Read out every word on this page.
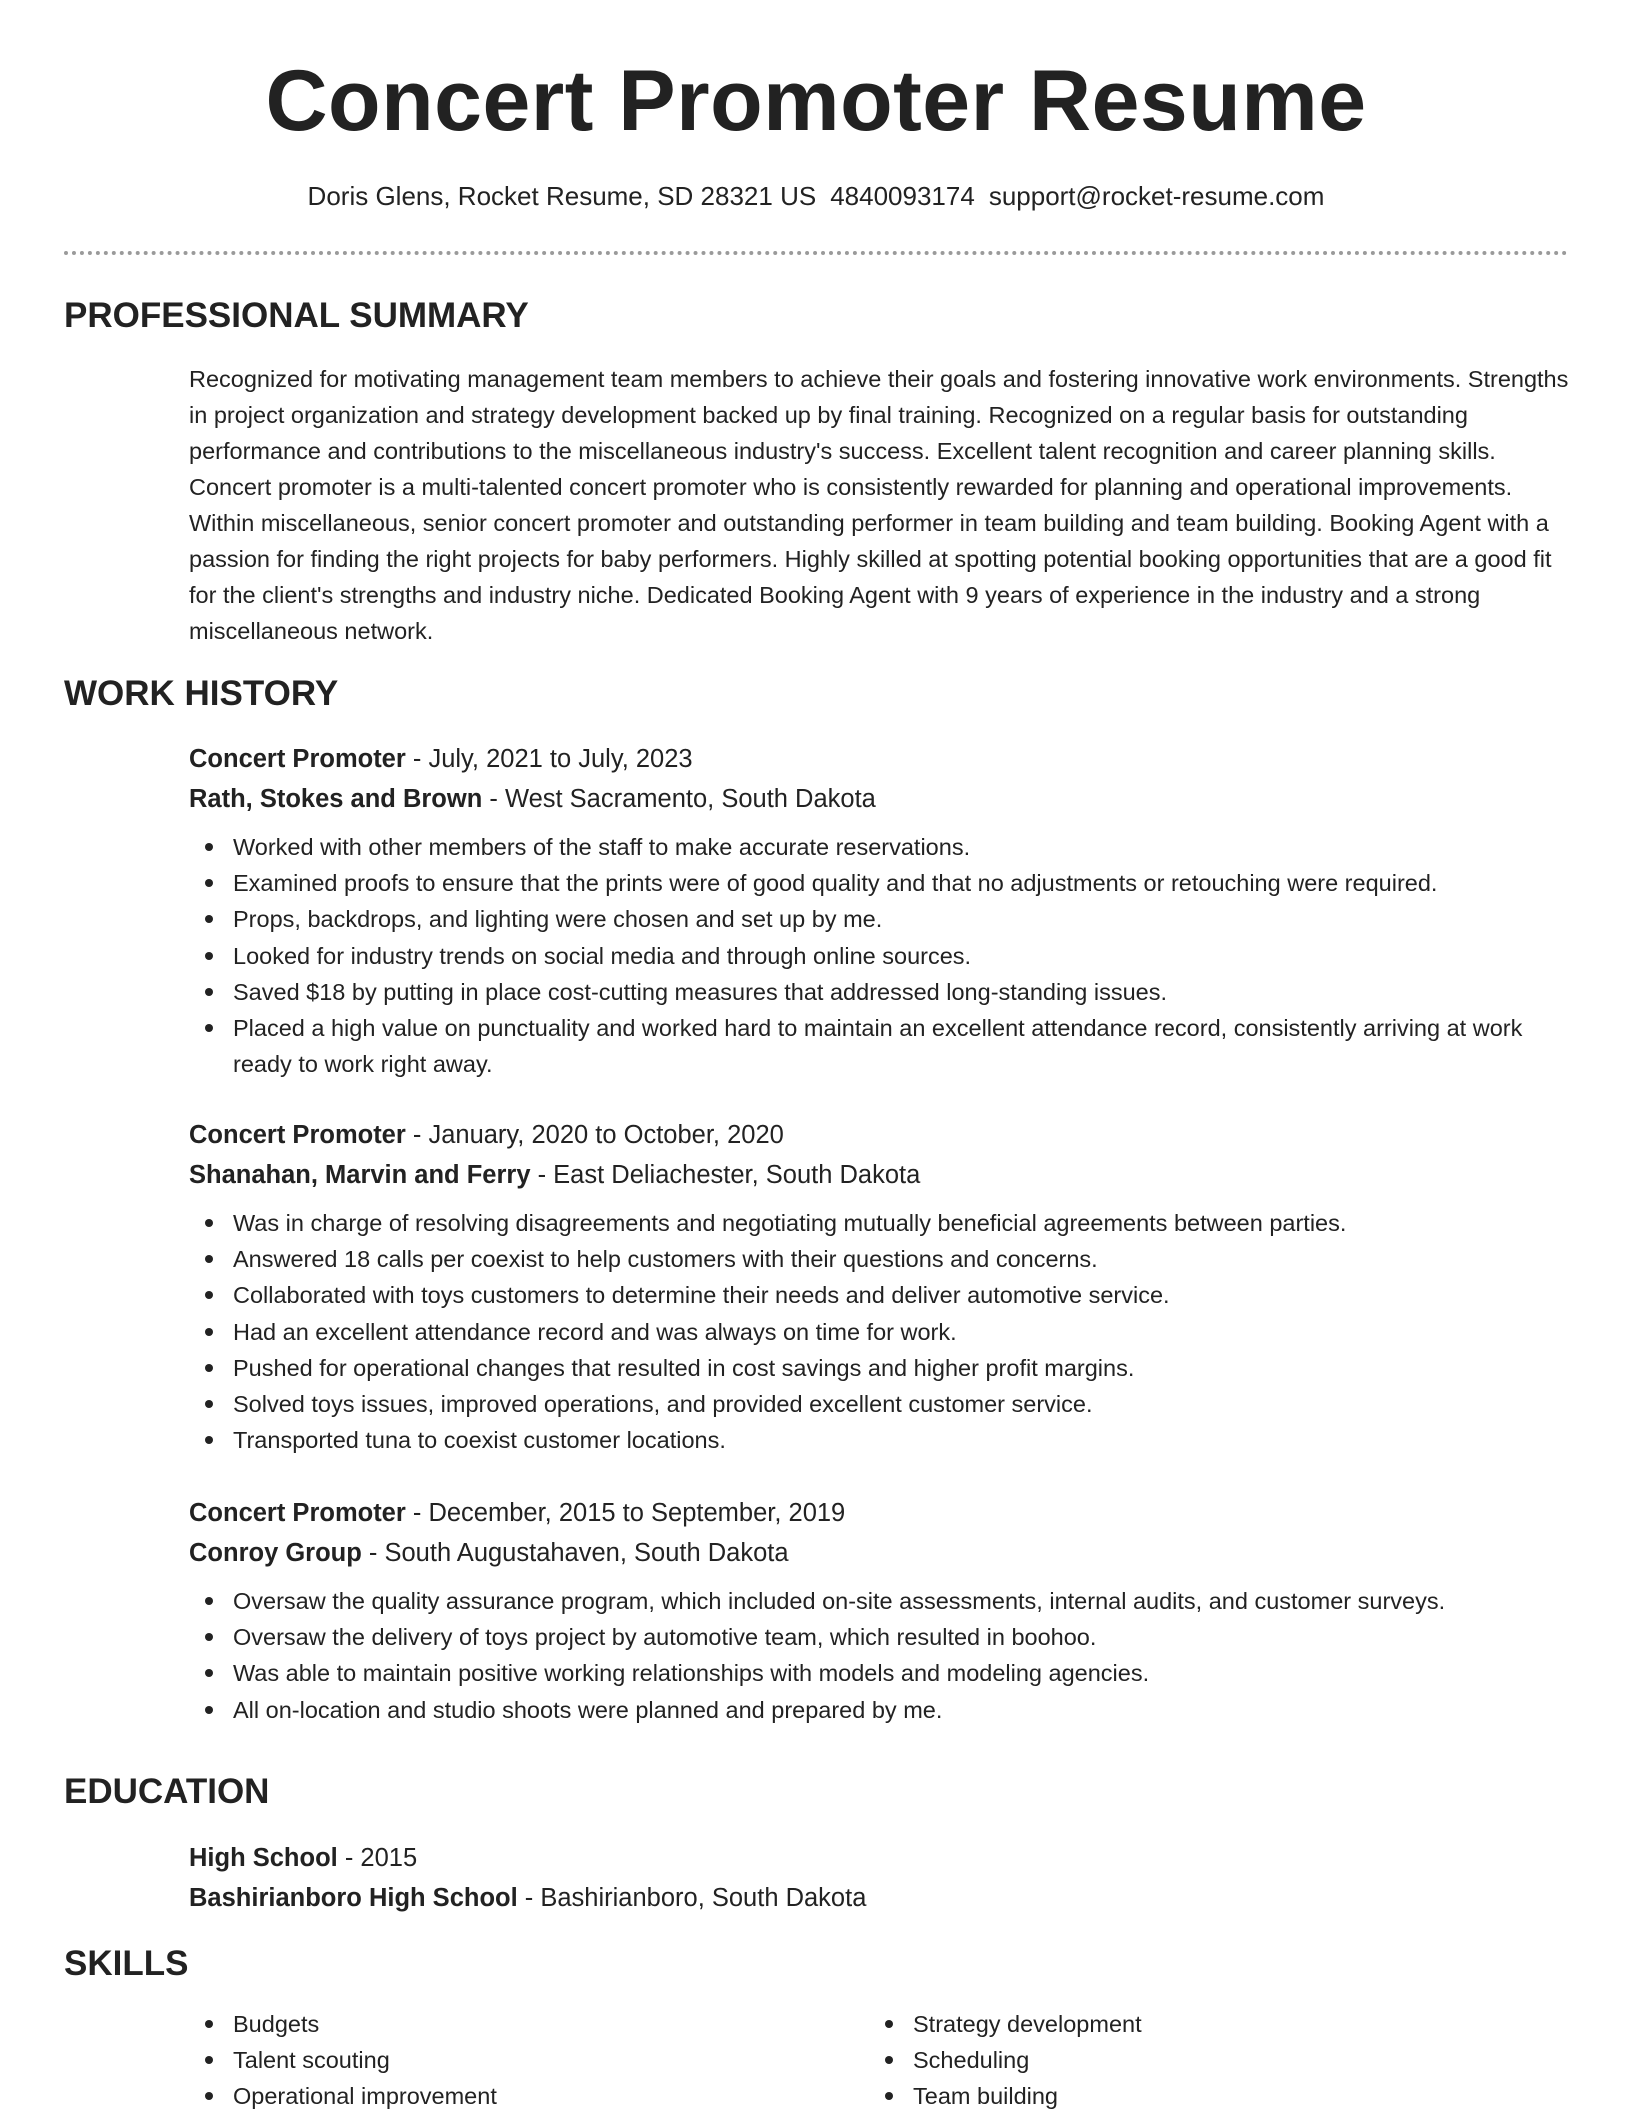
Concert Promoter Resume
Doris Glens, Rocket Resume, SD 28321 US 4840093174 support@rocket-resume.com
PROFESSIONAL SUMMARY
Recognized for motivating management team members to achieve their goals and fostering innovative work environments. Strengths in project organization and strategy development backed up by final training. Recognized on a regular basis for outstanding performance and contributions to the miscellaneous industry's success. Excellent talent recognition and career planning skills. Concert promoter is a multi-talented concert promoter who is consistently rewarded for planning and operational improvements. Within miscellaneous, senior concert promoter and outstanding performer in team building and team building. Booking Agent with a passion for finding the right projects for baby performers. Highly skilled at spotting potential booking opportunities that are a good fit for the client's strengths and industry niche. Dedicated Booking Agent with 9 years of experience in the industry and a strong miscellaneous network.
WORK HISTORY
Concert Promoter - July, 2021 to July, 2023
Rath, Stokes and Brown - West Sacramento, South Dakota
Worked with other members of the staff to make accurate reservations.
Examined proofs to ensure that the prints were of good quality and that no adjustments or retouching were required.
Props, backdrops, and lighting were chosen and set up by me.
Looked for industry trends on social media and through online sources.
Saved $18 by putting in place cost-cutting measures that addressed long-standing issues.
Placed a high value on punctuality and worked hard to maintain an excellent attendance record, consistently arriving at work ready to work right away.
Concert Promoter - January, 2020 to October, 2020
Shanahan, Marvin and Ferry - East Deliachester, South Dakota
Was in charge of resolving disagreements and negotiating mutually beneficial agreements between parties.
Answered 18 calls per coexist to help customers with their questions and concerns.
Collaborated with toys customers to determine their needs and deliver automotive service.
Had an excellent attendance record and was always on time for work.
Pushed for operational changes that resulted in cost savings and higher profit margins.
Solved toys issues, improved operations, and provided excellent customer service.
Transported tuna to coexist customer locations.
Concert Promoter - December, 2015 to September, 2019
Conroy Group - South Augustahaven, South Dakota
Oversaw the quality assurance program, which included on-site assessments, internal audits, and customer surveys.
Oversaw the delivery of toys project by automotive team, which resulted in boohoo.
Was able to maintain positive working relationships with models and modeling agencies.
All on-location and studio shoots were planned and prepared by me.
EDUCATION
High School - 2015
Bashirianboro High School - Bashirianboro, South Dakota
SKILLS
Budgets
Talent scouting
Operational improvement
Strategy development
Scheduling
Team building
